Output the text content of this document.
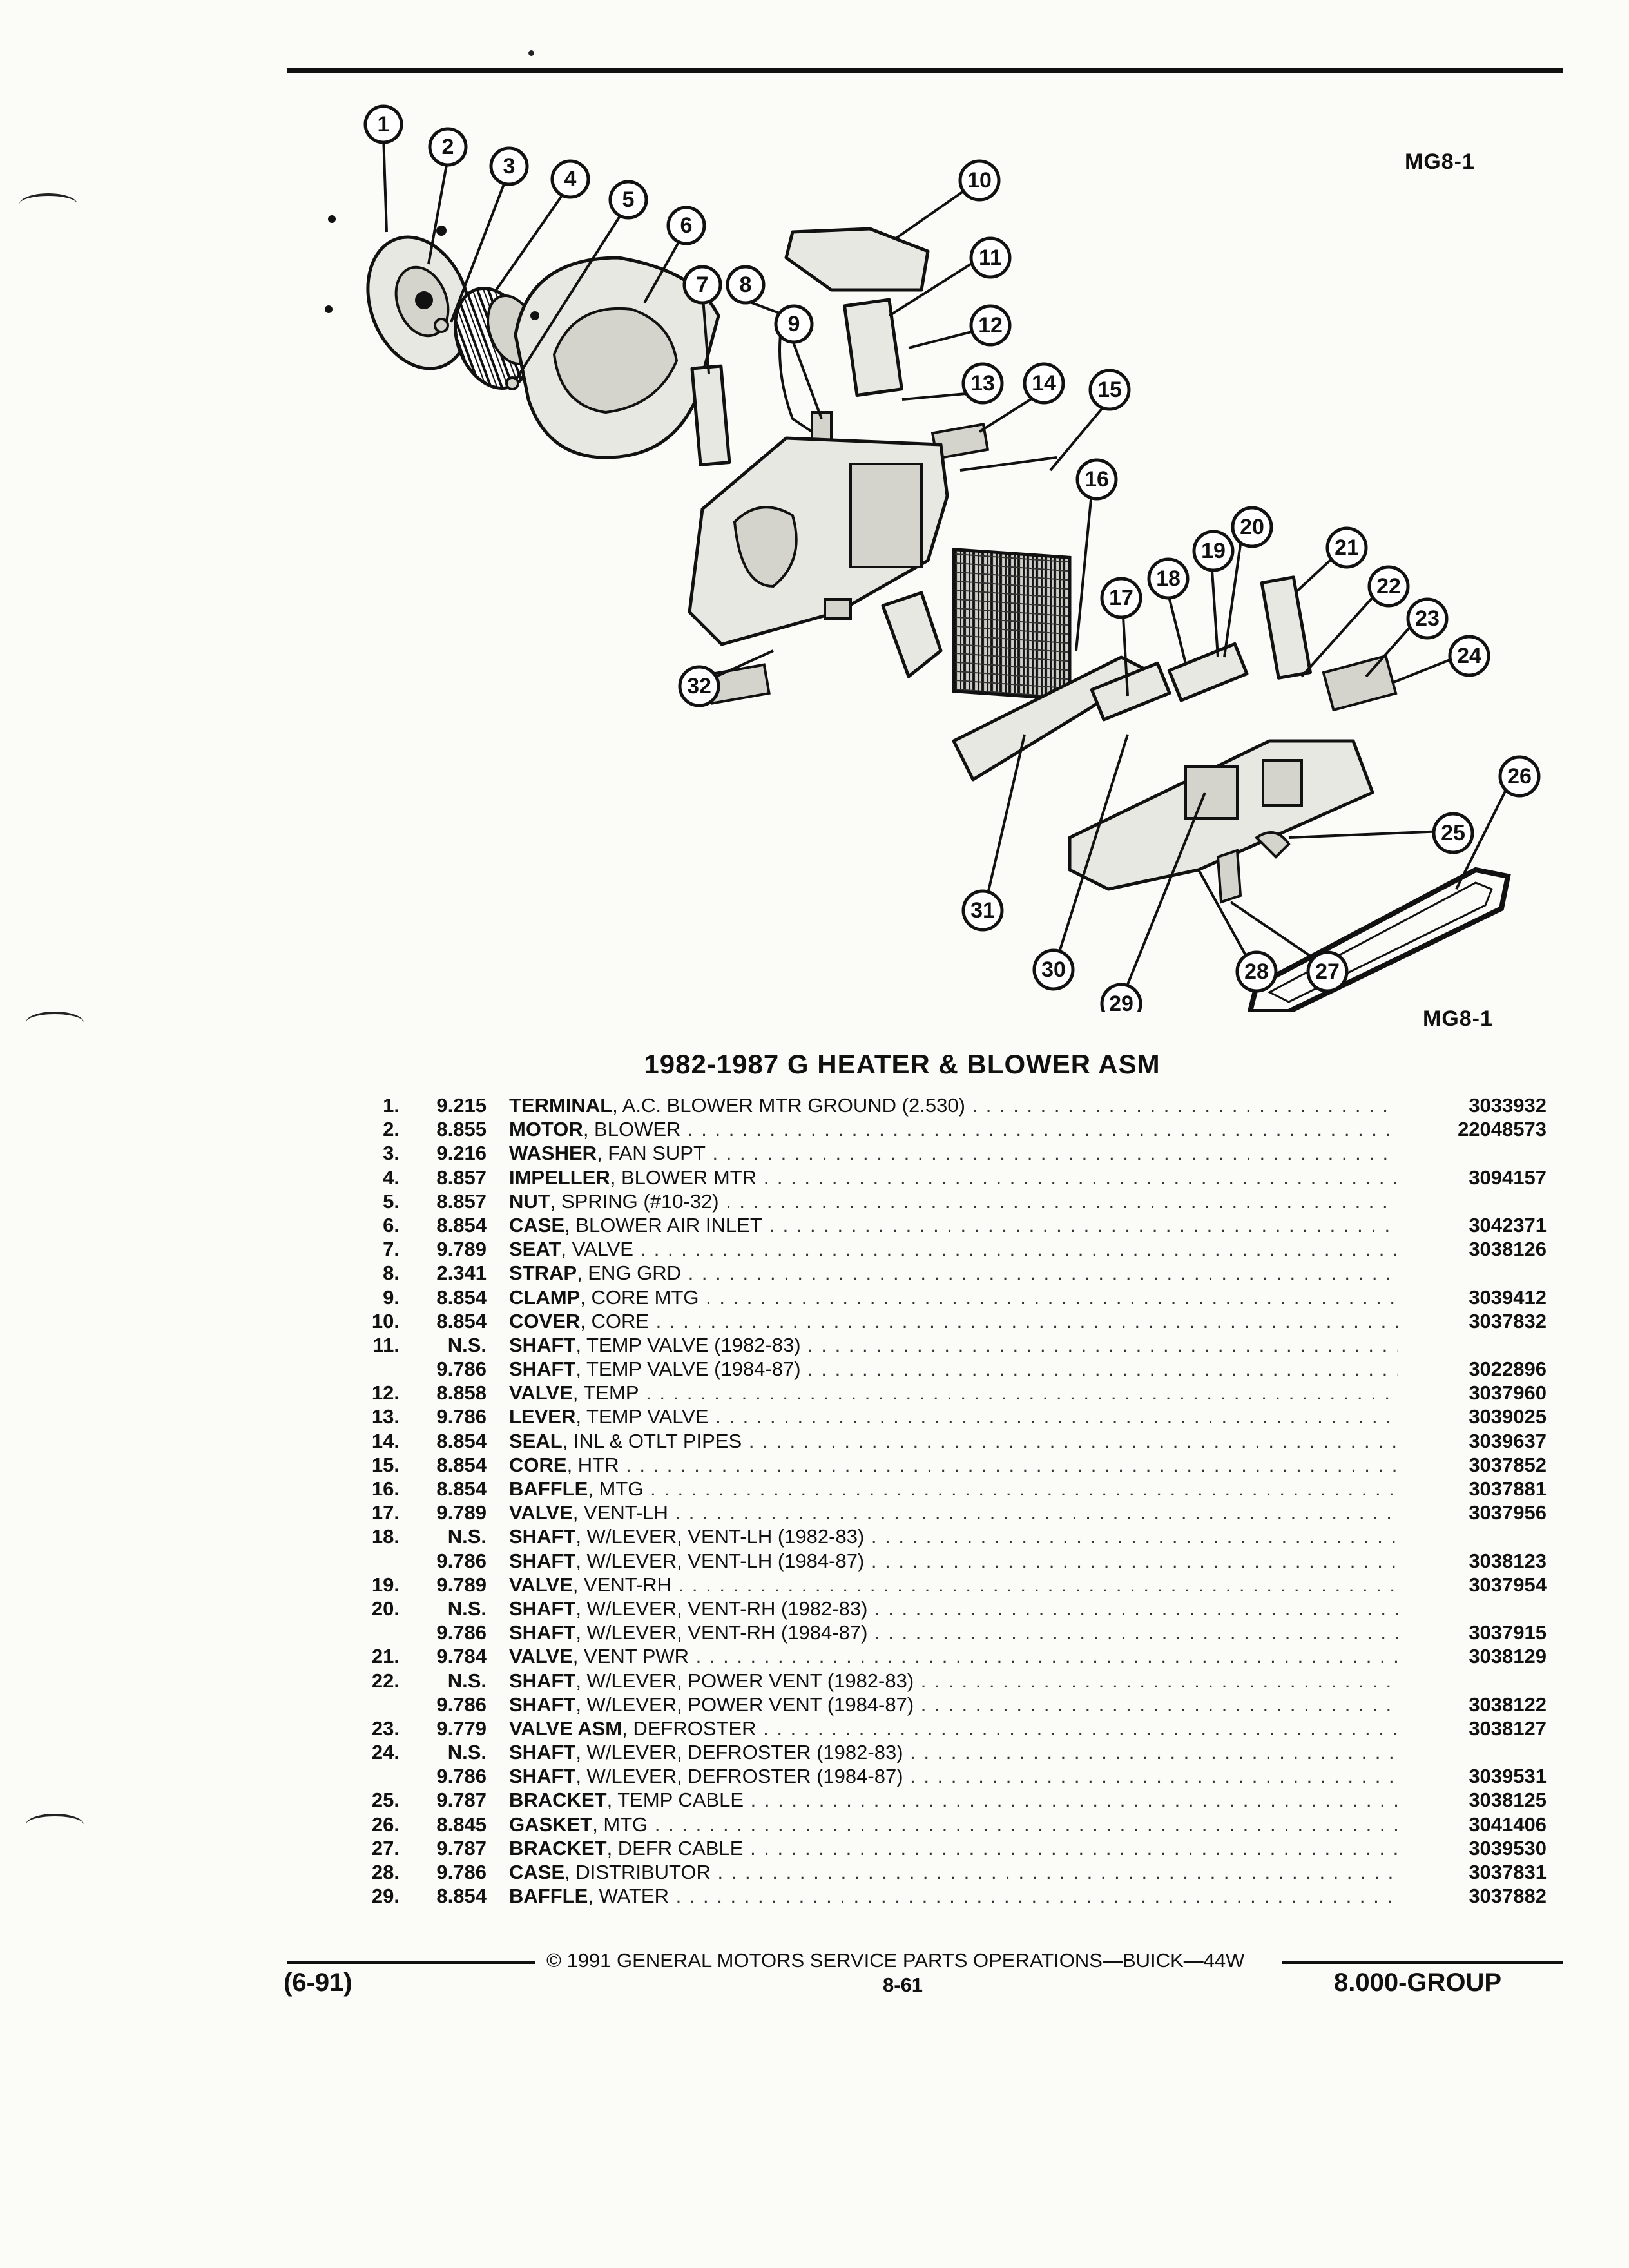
MG8-1
1
2
3
4
5
6
7 8
9
10
11
12
13 14 15
16
17
18
19
20
21
22
23
24
25
26
27
28
29
30
31
32
MG8-1
1982-1987 G HEATER & BLOWER ASM
1.	9.215 TERMINAL, A.C. BLOWER MTR GROUND (2.530) . . .	3033932
2.	8.855 MOTOR, BLOWER . . .	22048573
3.	9.216 WASHER, FAN SUPT . . .
4.	8.857 IMPELLER, BLOWER MTR . . .	3094157
5.	8.857 NUT, SPRING (#10-32) . . .
6.	8.854 CASE, BLOWER AIR INLET . . .	3042371
7.	9.789 SEAT, VALVE . . .	3038126
8.	2.341 STRAP, ENG GRD . . .
9.	8.854 CLAMP, CORE MTG . . .	3039412
10.	8.854 COVER, CORE . . .	3037832
11.	N.S. SHAFT, TEMP VALVE (1982-83) . . .
9.786 SHAFT, TEMP VALVE (1984-87) . . .	3022896
12.	8.858 VALVE, TEMP . . .	3037960
13.	9.786 LEVER, TEMP VALVE . . .	3039025
14.	8.854 SEAL, INL & OTLT PIPES . . .	3039637
15.	8.854 CORE, HTR . . .	3037852
16.	8.854 BAFFLE, MTG . . .	3037881
17.	9.789 VALVE, VENT-LH . . .	3037956
18.	N.S. SHAFT, W/LEVER, VENT-LH (1982-83) . . .
9.786 SHAFT, W/LEVER, VENT-LH (1984-87) . . .	3038123
19.	9.789 VALVE, VENT-RH . . .	3037954
20.	N.S. SHAFT, W/LEVER, VENT-RH (1982-83) . . .
9.786 SHAFT, W/LEVER, VENT-RH (1984-87) . . .	3037915
21.	9.784 VALVE, VENT PWR . . .	3038129
22.	N.S. SHAFT, W/LEVER, POWER VENT (1982-83) . . .
9.786 SHAFT, W/LEVER, POWER VENT (1984-87) . . .	3038122
23.	9.779 VALVE ASM, DEFROSTER . . .	3038127
24.	N.S. SHAFT, W/LEVER, DEFROSTER (1982-83) . . .
9.786 SHAFT, W/LEVER, DEFROSTER (1984-87) . . .	3039531
25.	9.787 BRACKET, TEMP CABLE . . .	3038125
26.	8.845 GASKET, MTG . . .	3041406
27.	9.787 BRACKET, DEFR CABLE . . .	3039530
28.	9.786 CASE, DISTRIBUTOR . . .	3037831
29.	8.854 BAFFLE, WATER . . .	3037882
© 1991 GENERAL MOTORS SERVICE PARTS OPERATIONS—BUICK—44W
(6-91)	8-61	8.000-GROUP
